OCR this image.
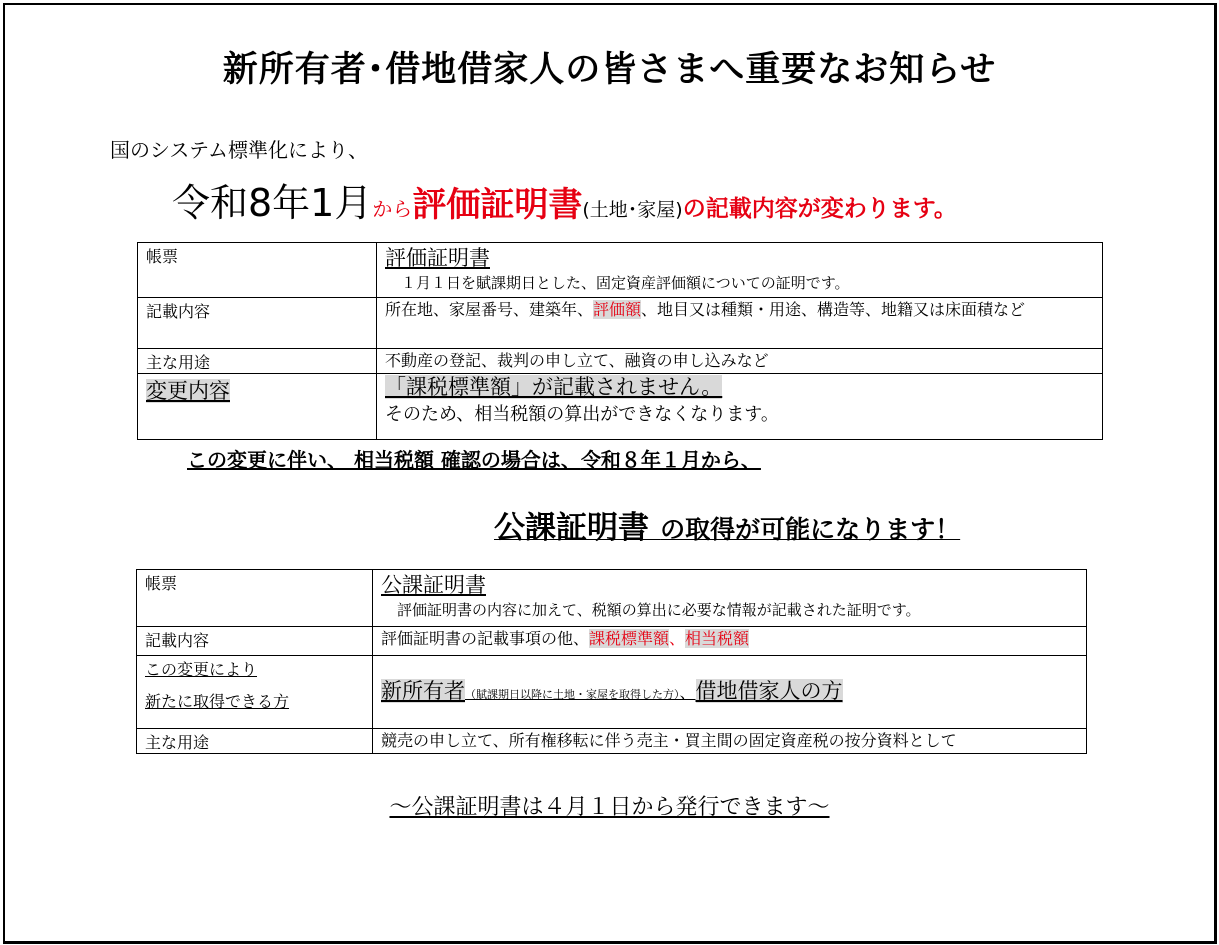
新所有者･借地借家人の皆さまへ重要なお知らせ
国のシステム標準化により、
令和8年1月から評価証明書(土地･家屋)の記載内容が変わります。
帳票	評価証明書
１月１日を賦課期日とした、固定資産評価額についての証明です。

記載内容	所在地、家屋番号、建築年、評価額、地目又は種類・用途、構造等、地籍又は床面積など
主な用途	不動産の登記、裁判の申し立て、融資の申し込みなど
変更内容	「課税標準額」が記載されません。
そのため、相当税額の算出ができなくなります。
この変更に伴い、 相当税額 確認の場合は、令和８年１月から、
公課証明書 の取得が可能になります！
帳票	公課証明書
評価証明書の内容に加えて、税額の算出に必要な情報が記載された証明です。

記載内容	評価証明書の記載事項の他、課税標準額、相当税額

この変更により
新たに取得できる方	新所有者（賦課期日以降に土地・家屋を取得した方）、借地借家人の方
主な用途	競売の申し立て、所有権移転に伴う売主・買主間の固定資産税の按分資料として
～公課証明書は４月１日から発行できます～
